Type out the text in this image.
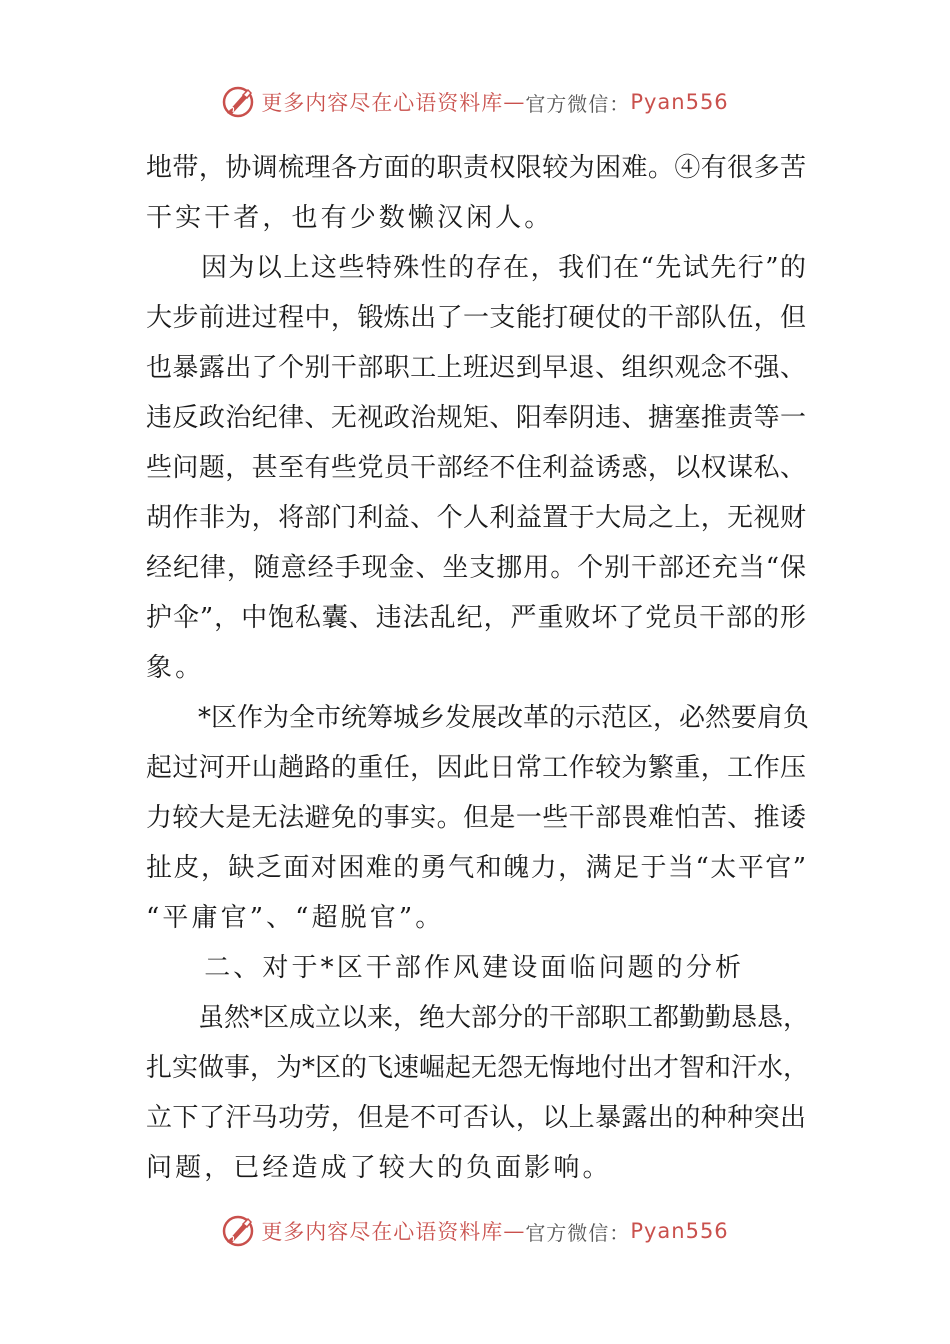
更多内容尽在心语资料库 — 官方微信： Pyan556
地带，协调梳理各方面的职责权限较为困难。④有很多苦
干实干者，也有少数懒汉闲人。
　　因为以上这些特殊性的存在，我们在“先试先行”的
大步前进过程中，锻炼出了一支能打硬仗的干部队伍，但
也暴露出了个别干部职工上班迟到早退、组织观念不强、
违反政治纪律、无视政治规矩、阳奉阴违、搪塞推责等一
些问题，甚至有些党员干部经不住利益诱惑，以权谋私、
胡作非为，将部门利益、个人利益置于大局之上，无视财
经纪律，随意经手现金、坐支挪用。个别干部还充当“保
护伞”，中饱私囊、违法乱纪，严重败坏了党员干部的形
象。
　　*区作为全市统筹城乡发展改革的示范区，必然要肩负
起过河开山趟路的重任，因此日常工作较为繁重，工作压
力较大是无法避免的事实。但是一些干部畏难怕苦、推诿
扯皮，缺乏面对困难的勇气和魄力，满足于当“太平官”
“平庸官”、“超脱官”。
　　二、对于*区干部作风建设面临问题的分析
　　虽然*区成立以来，绝大部分的干部职工都勤勤恳恳，
扎实做事，为*区的飞速崛起无怨无悔地付出才智和汗水，
立下了汗马功劳，但是不可否认，以上暴露出的种种突出
问题，已经造成了较大的负面影响。
更多内容尽在心语资料库 — 官方微信： Pyan556
